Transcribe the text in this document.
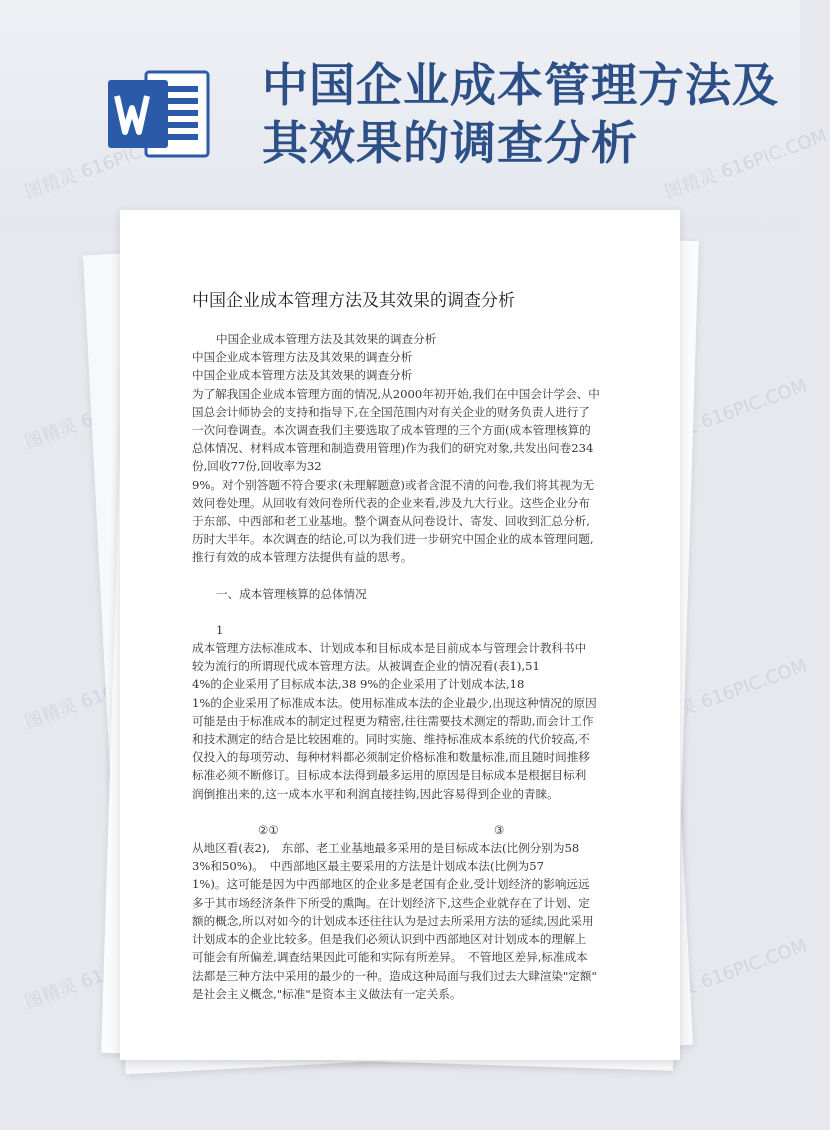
图精灵	图精灵 616PIC.COM
图精灵	图精灵 616PIC.COM
图精灵	图精灵 616PIC.COM
中国企业成本管理方法及其效果的调查分析
中国企业成本管理方法及其效果的调查分析

中国企业成本管理方法及其效果的调查分析

中国企业成本管理方法及其效果的调查分析

中国企业成本管理方法及其效果的调查分析

为了解我国企业成本管理方面的情况,从2000年初开始,我们在中国会计学会、中

国总会计师协会的支持和指导下,在全国范围内对有关企业的财务负责人进行了

一次问卷调查。本次调查我们主要选取了成本管理的三个方面(成本管理核算的

总体情况、材料成本管理和制造费用管理)作为我们的研究对象,共发出问卷234

份,回收77份,回收率为32

9%。对个别答题不符合要求(未理解题意)或者含混不清的问卷,我们将其视为无

效问卷处理。从回收有效问卷所代表的企业来看,涉及九大行业。这些企业分布

于东部、中西部和老工业基地。整个调查从问卷设计、寄发、回收到汇总分析,

历时大半年。本次调查的结论,可以为我们进一步研究中国企业的成本管理问题,

推行有效的成本管理方法提供有益的思考。

一、成本管理核算的总体情况

1

成本管理方法标准成本、计划成本和目标成本是目前成本与管理会计教科书中

较为流行的所谓现代成本管理方法。从被调查企业的情况看(表1),51

4%的企业采用了目标成本法,38 9%的企业采用了计划成本法,18

1%的企业采用了标准成本法。使用标准成本法的企业最少,出现这种情况的原因

可能是由于标准成本的制定过程更为精密,往往需要技术测定的帮助,而会计工作

和技术测定的结合是比较困难的。同时实施、维持标准成本系统的代价较高,不

仅投入的每项劳动、每种材料都必须制定价格标准和数量标准,而且随时间推移

标准必须不断修订。目标成本法得到最多运用的原因是目标成本是根据目标利

润倒推出来的,这一成本水平和利润直接挂钩,因此容易得到企业的青睐。

②①	③

从地区看(表2),　东部、老工业基地最多采用的是目标成本法(比例分别为58

3%和50%)。　中西部地区最主要采用的方法是计划成本法(比例为57

1%)。这可能是因为中西部地区的企业多是老国有企业,受计划经济的影响远远

多于其市场经济条件下所受的熏陶。在计划经济下,这些企业就存在了计划、定

额的概念,所以对如今的计划成本还往往认为是过去所采用方法的延续,因此采用

计划成本的企业比较多。但是我们必须认识到中西部地区对计划成本的理解上

可能会有所偏差,调查结果因此可能和实际有所差异。　不管地区差异,标准成本

法都是三种方法中采用的最少的一种。造成这种局面与我们过去大肆渲染"定额"

是社会主义概念,"标准"是资本主义做法有一定关系。
